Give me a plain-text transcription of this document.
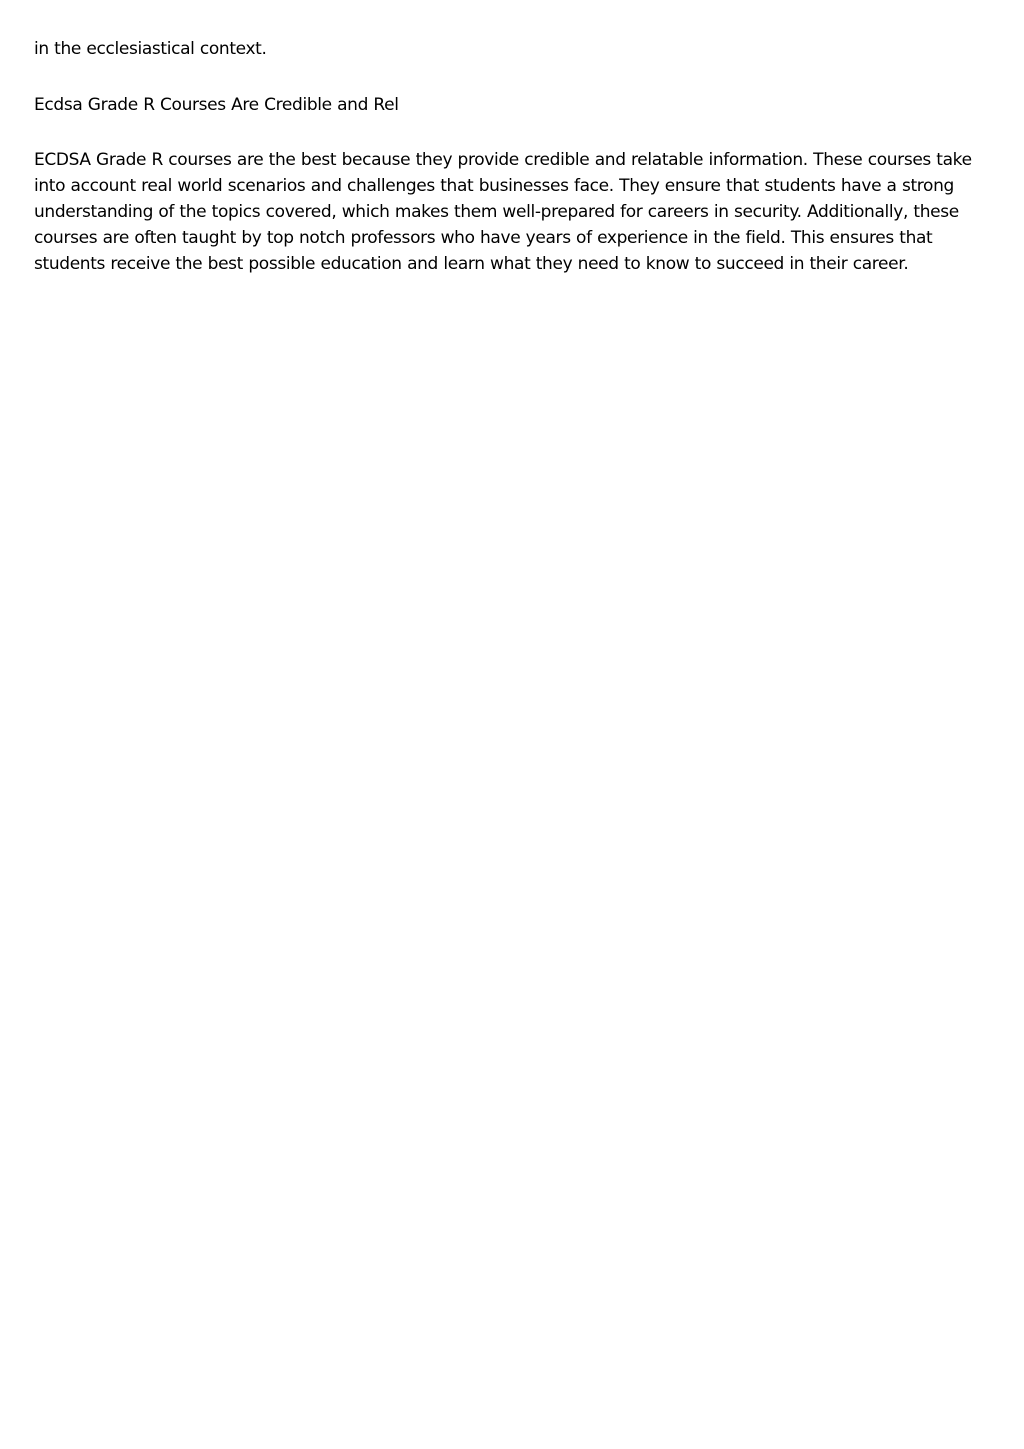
in the ecclesiastical context.

Ecdsa Grade R Courses Are Credible and Rel

ECDSA Grade R courses are the best because they provide credible and relatable information. These courses take into account real world scenarios and challenges that businesses face. They ensure that students have a strong understanding of the topics covered, which makes them well-prepared for careers in security. Additionally, these courses are often taught by top notch professors who have years of experience in the field. This ensures that students receive the best possible education and learn what they need to know to succeed in their career.
